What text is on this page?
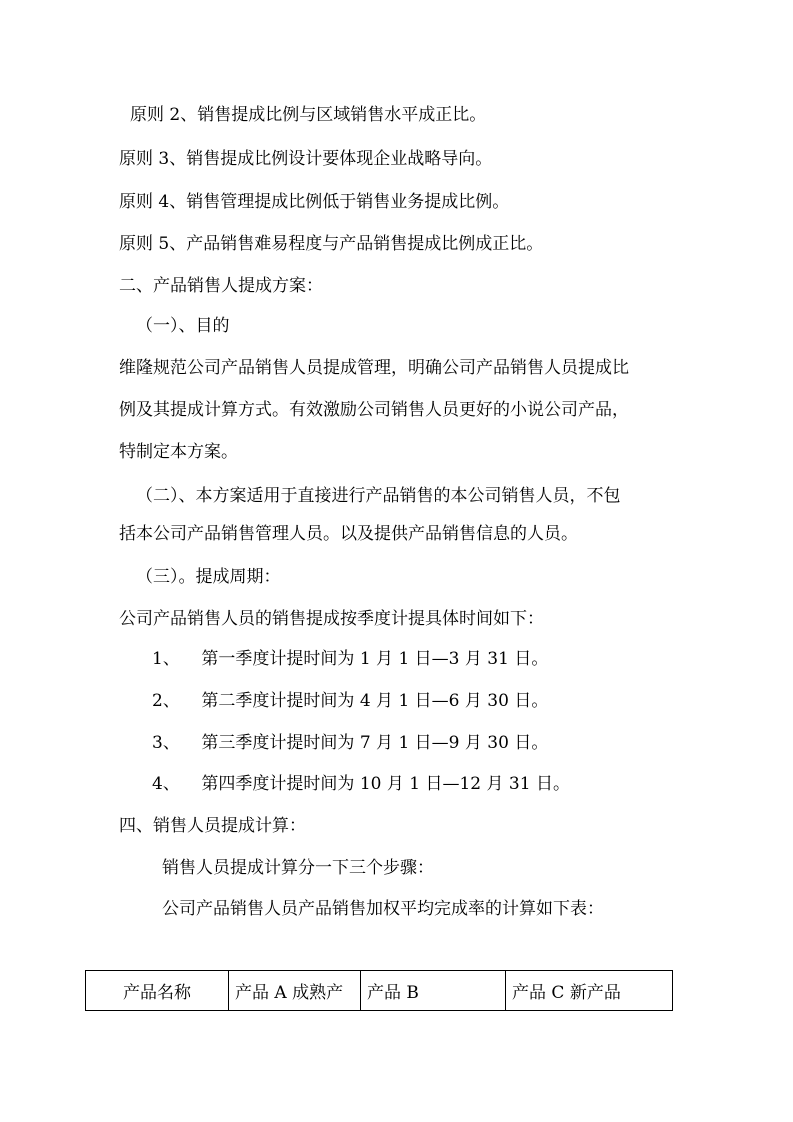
原则 2、销售提成比例与区域销售水平成正比。
原则 3、销售提成比例设计要体现企业战略导向。
原则 4、销售管理提成比例低于销售业务提成比例。
原则 5、产品销售难易程度与产品销售提成比例成正比。
二、产品销售人提成方案：
（一）、目的
维隆规范公司产品销售人员提成管理，明确公司产品销售人员提成比
例及其提成计算方式。有效激励公司销售人员更好的小说公司产品，
特制定本方案。
（二）、本方案适用于直接进行产品销售的本公司销售人员，不包
括本公司产品销售管理人员。以及提供产品销售信息的人员。
（三）。提成周期：
公司产品销售人员的销售提成按季度计提具体时间如下：
1、    第一季度计提时间为 1 月 1 日—3 月 31 日。
2、    第二季度计提时间为 4 月 1 日—6 月 30 日。
3、    第三季度计提时间为 7 月 1 日—9 月 30 日。
4、    第四季度计提时间为 10 月 1 日—12 月 31 日。
四、销售人员提成计算：
销售人员提成计算分一下三个步骤：
公司产品销售人员产品销售加权平均完成率的计算如下表：
产品名称	产品 A 成熟产	产品 B	产品 C 新产品
